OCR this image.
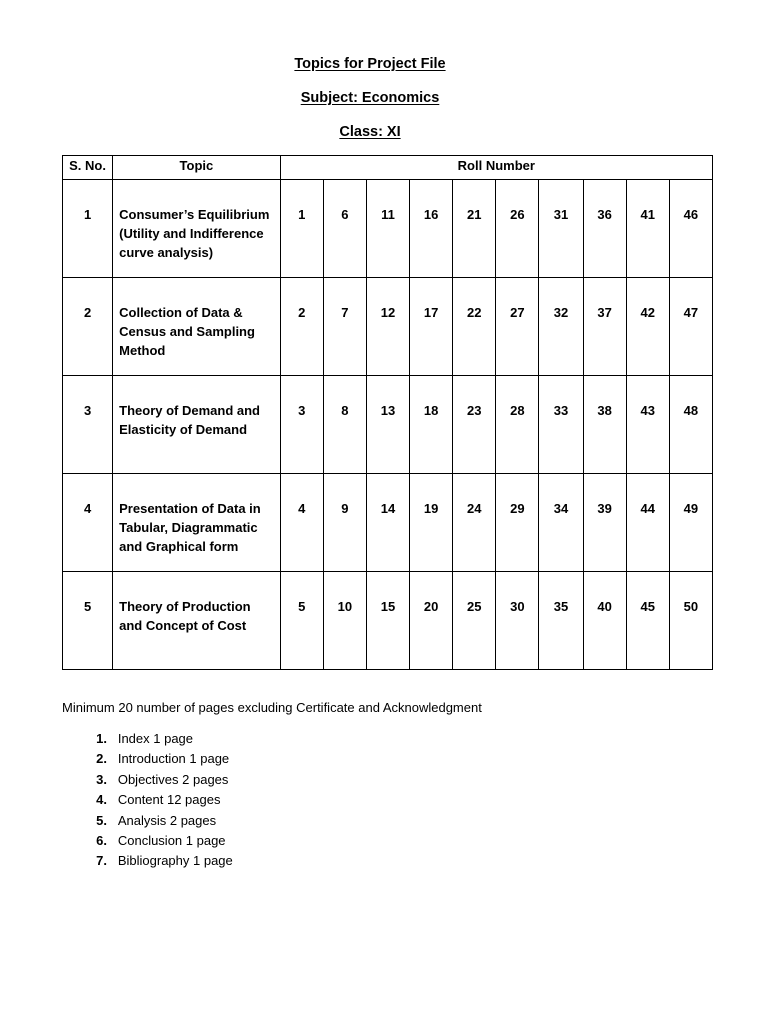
Topics for Project File
Subject: Economics
Class: XI
S. No.	Topic	Roll Number									

1	Consumer’s Equilibrium (Utility and Indifference curve analysis)	1	6	11	16	21	26	31	36	41	46

2	Collection of Data & Census and Sampling Method	2	7	12	17	22	27	32	37	42	47

3	Theory of Demand and Elasticity of Demand	3	8	13	18	23	28	33	38	43	48

4	Presentation of Data in Tabular, Diagrammatic and Graphical form	4	9	14	19	24	29	34	39	44	49

5	Theory of Production and Concept of Cost	5	10	15	20	25	30	35	40	45	50
Minimum 20 number of pages excluding Certificate and Acknowledgment
1.
Index 1 page
2.
Introduction 1 page
3.
Objectives 2 pages
4.
Content 12 pages
5.
Analysis 2 pages
6.
Conclusion 1 page
7.
Bibliography 1 page
